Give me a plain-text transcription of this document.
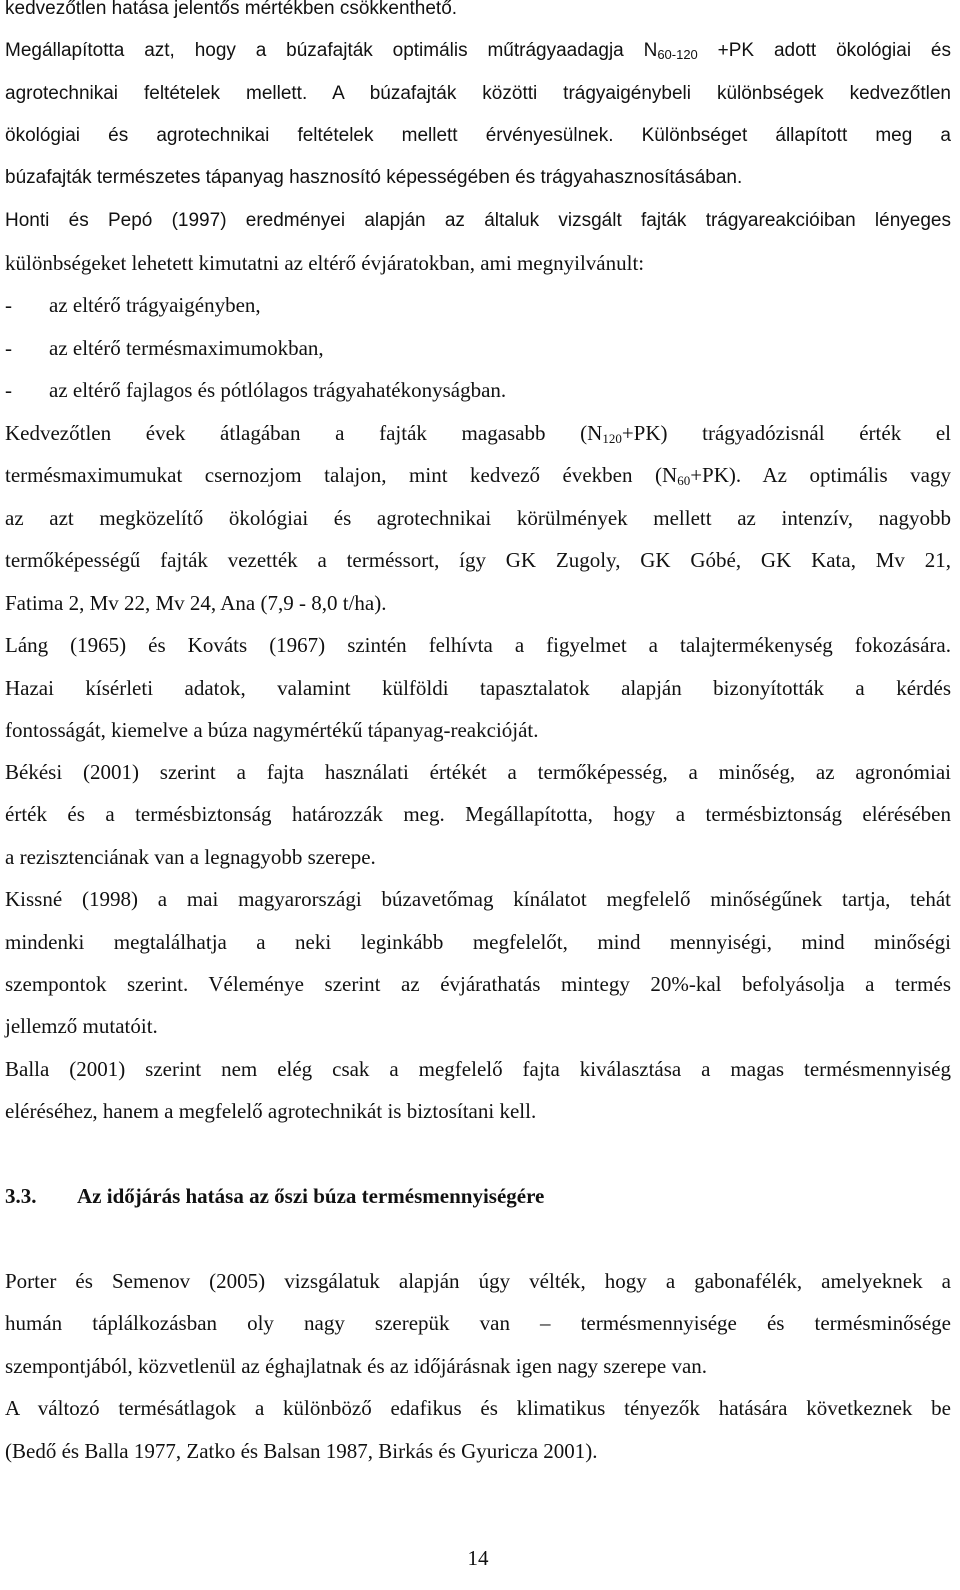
kedvezőtlen hatása jelentős mértékben csökkenthető.
Megállapította azt, hogy a búzafajták optimális műtrágyaadagja $N_{60-120} +PK$ adott ökológiai és
agrotechnikai feltételek mellett. A búzafajták közötti trágyaigénybeli különbségek kedvezőtlen
ökológiai és agrotechnikai feltételek mellett érvényesülnek. Különbséget állapított meg a
búzafajták természetes tápanyag hasznosító képességében és trágyahasznosításában.
Honti és Pepó (1997) eredményei alapján az általuk vizsgált fajták trágyareakcióiban lényeges
különbségeket lehetett kimutatni az eltérő évjáratokban, ami megnyilvánult:
- az eltérő trágyaigényben,
- az eltérő termésmaximumokban,
- az eltérő fajlagos és pótlólagos trágyahatékonyságban.
Kedvezőtlen évek átlagában a fajták magasabb $(N_{120}+PK)$ trágyadózisnál érték el
termésmaximumukat csernozjom talajon, mint kedvező években $(N_{60}+PK)$. Az optimális vagy
az azt megközelítő ökológiai és agrotechnikai körülmények mellett az intenzív, nagyobb
termőképességű fajták vezették a terméssort, így GK Zugoly, GK Góbé, GK Kata, Mv 21,
Fatima 2, Mv 22, Mv 24, Ana (7,9 - 8,0 t/ha).
Láng (1965) és Kováts (1967) szintén felhívta a figyelmet a talajtermékenység fokozására.
Hazai kísérleti adatok, valamint külföldi tapasztalatok alapján bizonyították a kérdés
fontosságát, kiemelve a búza nagymértékű tápanyag-reakcióját.
Békési (2001) szerint a fajta használati értékét a termőképesség, a minőség, az agronómiai
érték és a termésbiztonság határozzák meg. Megállapította, hogy a termésbiztonság elérésében
a rezisztenciának van a legnagyobb szerepe.
Kissné (1998) a mai magyarországi búzavetőmag kínálatot megfelelő minőségűnek tartja, tehát
mindenki megtalálhatja a neki leginkább megfelelőt, mind mennyiségi, mind minőségi
szempontok szerint. Véleménye szerint az évjárathatás mintegy 20%-kal befolyásolja a termés
jellemző mutatóit.
Balla (2001) szerint nem elég csak a megfelelő fajta kiválasztása a magas termésmennyiség
eléréséhez, hanem a megfelelő agrotechnikát is biztosítani kell.
3.3. Az időjárás hatása az őszi búza termésmennyiségére
Porter és Semenov (2005) vizsgálatuk alapján úgy vélték, hogy a gabonafélék, amelyeknek a
humán táplálkozásban oly nagy szerepük van – termésmennyisége és termésminősége
szempontjából, közvetlenül az éghajlatnak és az időjárásnak igen nagy szerepe van.
A változó termésátlagok a különböző edafikus és klimatikus tényezők hatására következnek be
(Bedő és Balla 1977, Zatko és Balsan 1987, Birkás és Gyuricza 2001).
14
